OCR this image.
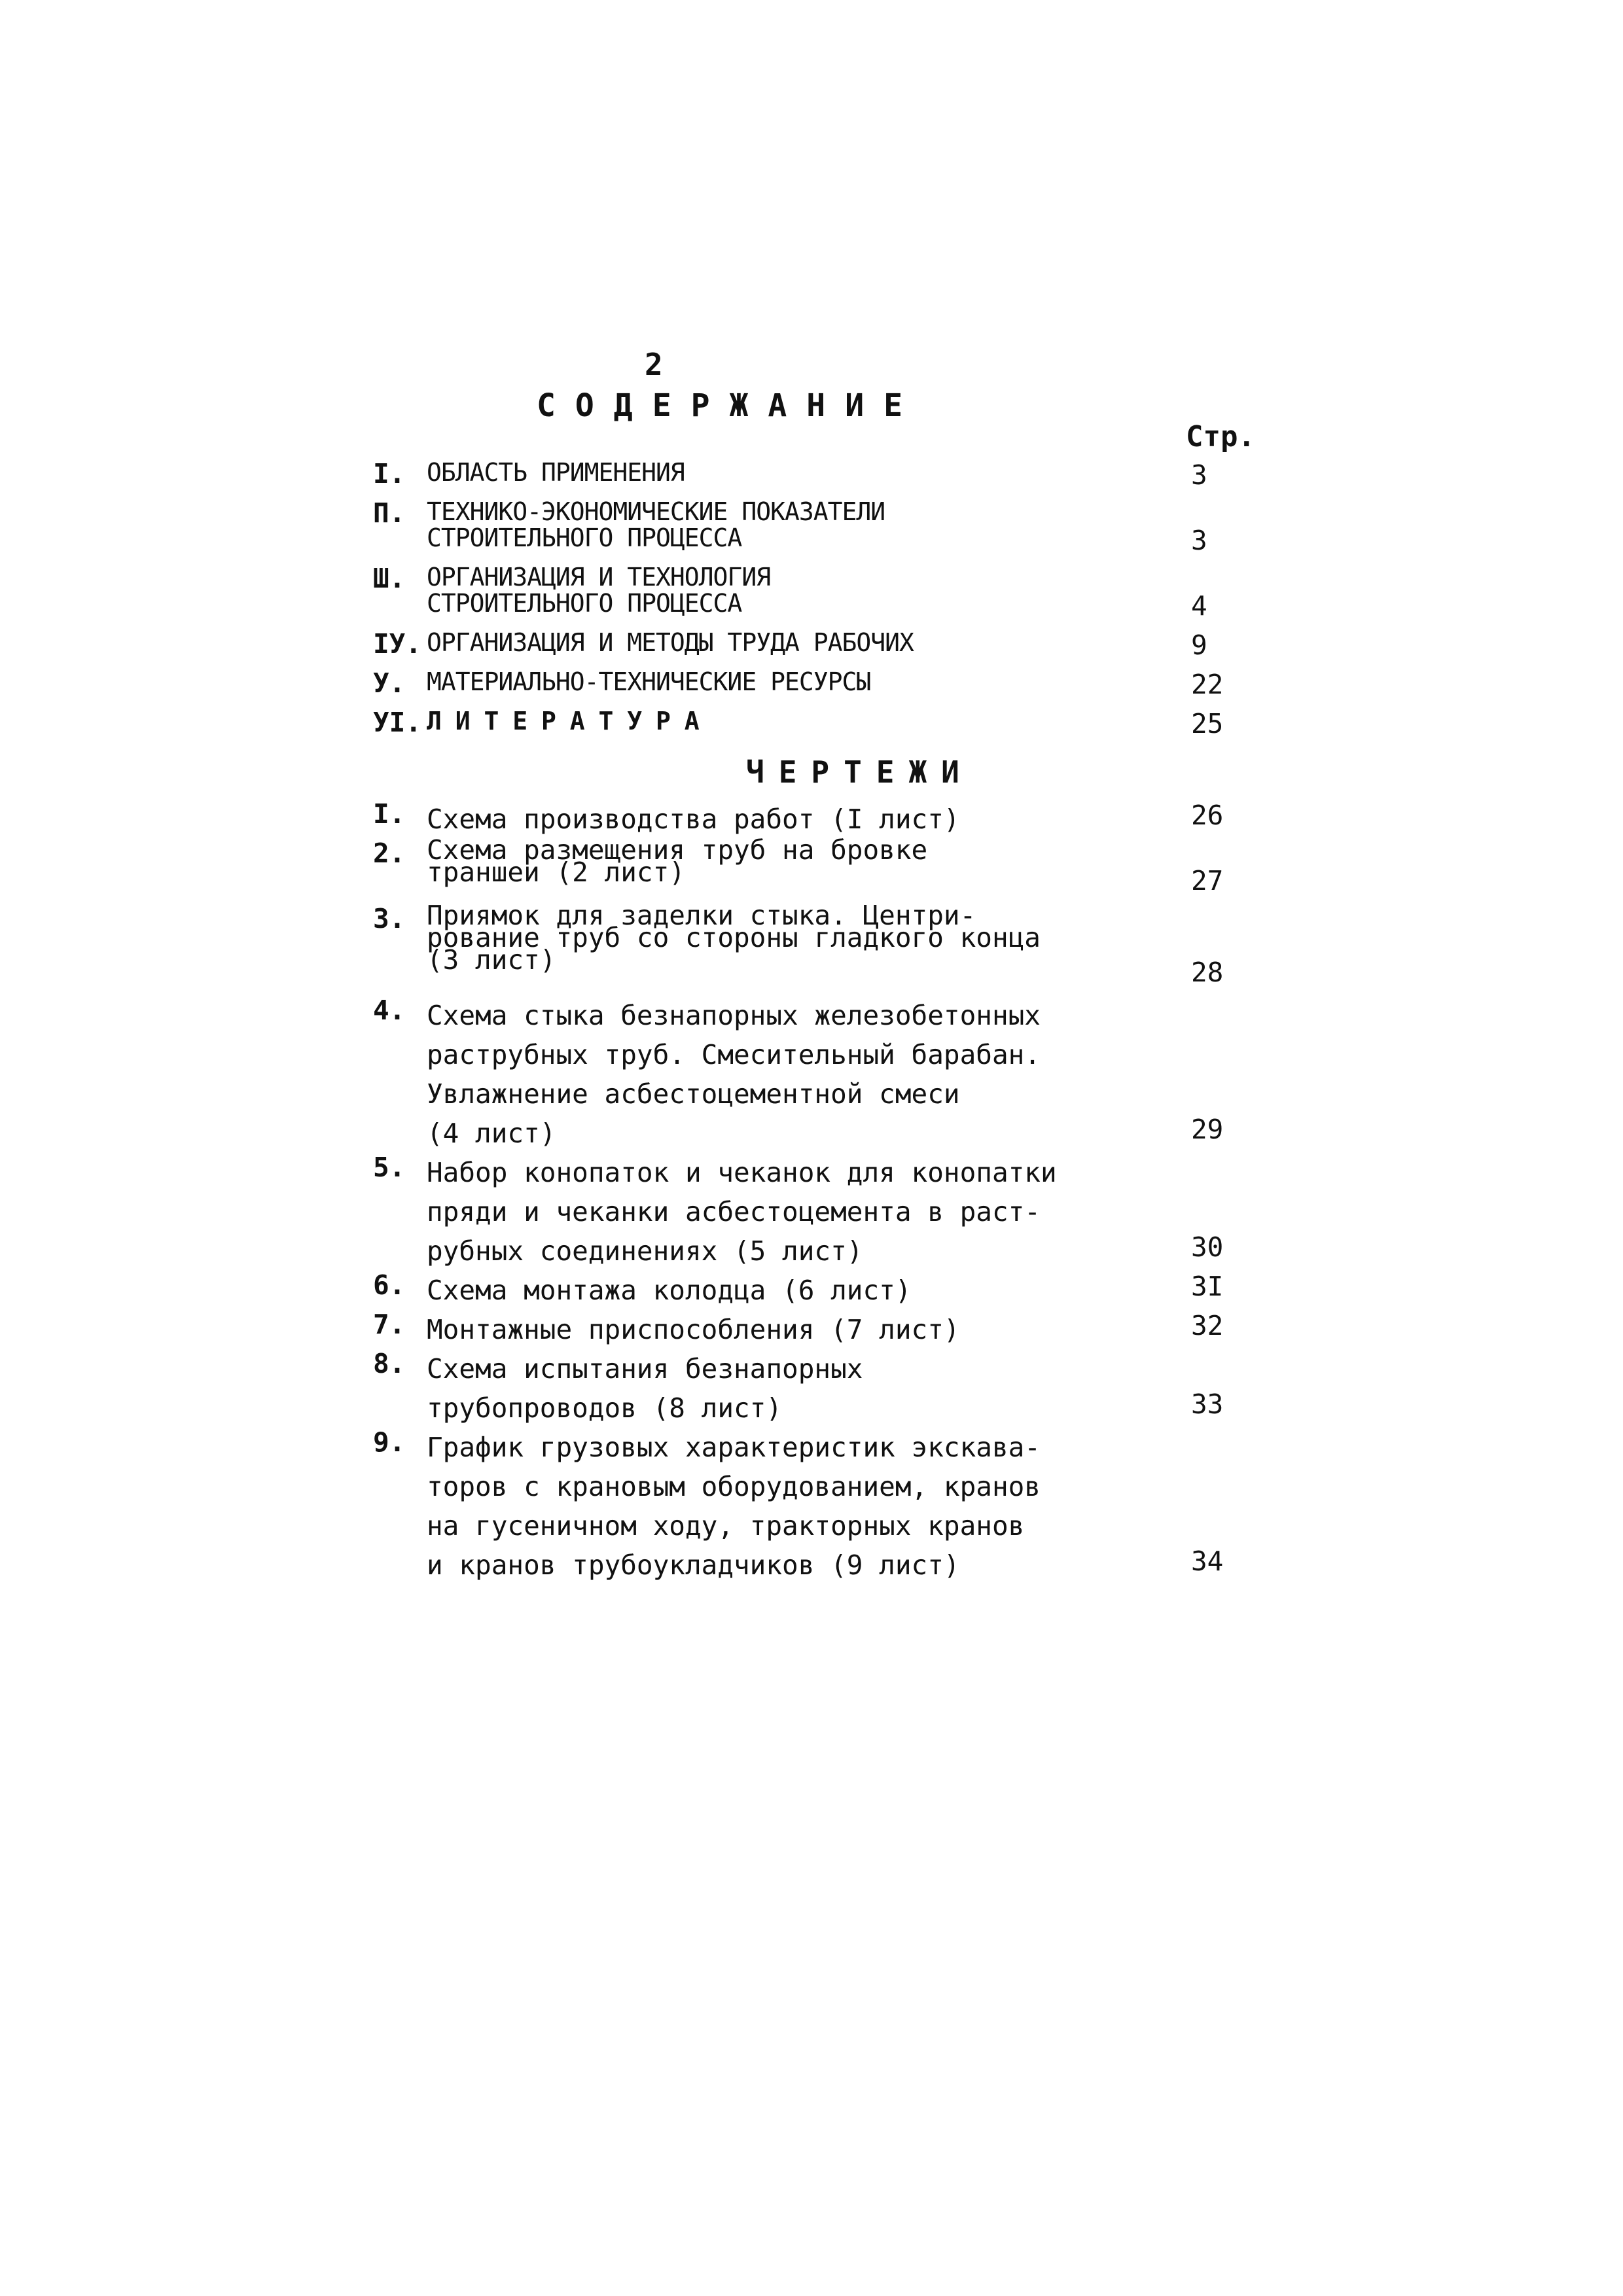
2
СОДЕРЖАНИЕ
Стр.
I. ОБЛАСТЬ ПРИМЕНЕНИЯ	3
П. ТЕХНИКО-ЭКОНОМИЧЕСКИЕ ПОКАЗАТЕЛИ
СТРОИТЕЛЬНОГО ПРОЦЕССА	3
Ш. ОРГАНИЗАЦИЯ И ТЕХНОЛОГИЯ
СТРОИТЕЛЬНОГО ПРОЦЕССА	4
IУ. ОРГАНИЗАЦИЯ И МЕТОДЫ ТРУДА РАБОЧИХ	9
У. МАТЕРИАЛЬНО-ТЕХНИЧЕСКИЕ РЕСУРСЫ	22
УI. Л И Т Е Р А Т У Р А	25
ЧЕРТЕЖИ
I. Схема производства работ (I лист)	26
2. Схема размещения труб на бровке
траншеи (2 лист)	27
3. Приямок для заделки стыка. Центри-
рование труб со стороны гладкого конца
(3 лист)	28
4. Схема стыка безнапорных железобетонных
раструбных труб. Смесительный барабан.
Увлажнение асбестоцементной смеси
(4 лист)	29
5. Набор конопаток и чеканок для конопатки
пряди и чеканки асбестоцемента в раст-
рубных соединениях (5 лист)	30
6. Схема монтажа колодца (6 лист)	3I
7. Монтажные приспособления (7 лист)	32
8. Схема испытания безнапорных
трубопроводов (8 лист)	33
9. График грузовых характеристик экскава-
торов с крановым оборудованием, кранов
на гусеничном ходу, тракторных кранов
и кранов трубоукладчиков (9 лист)	34
